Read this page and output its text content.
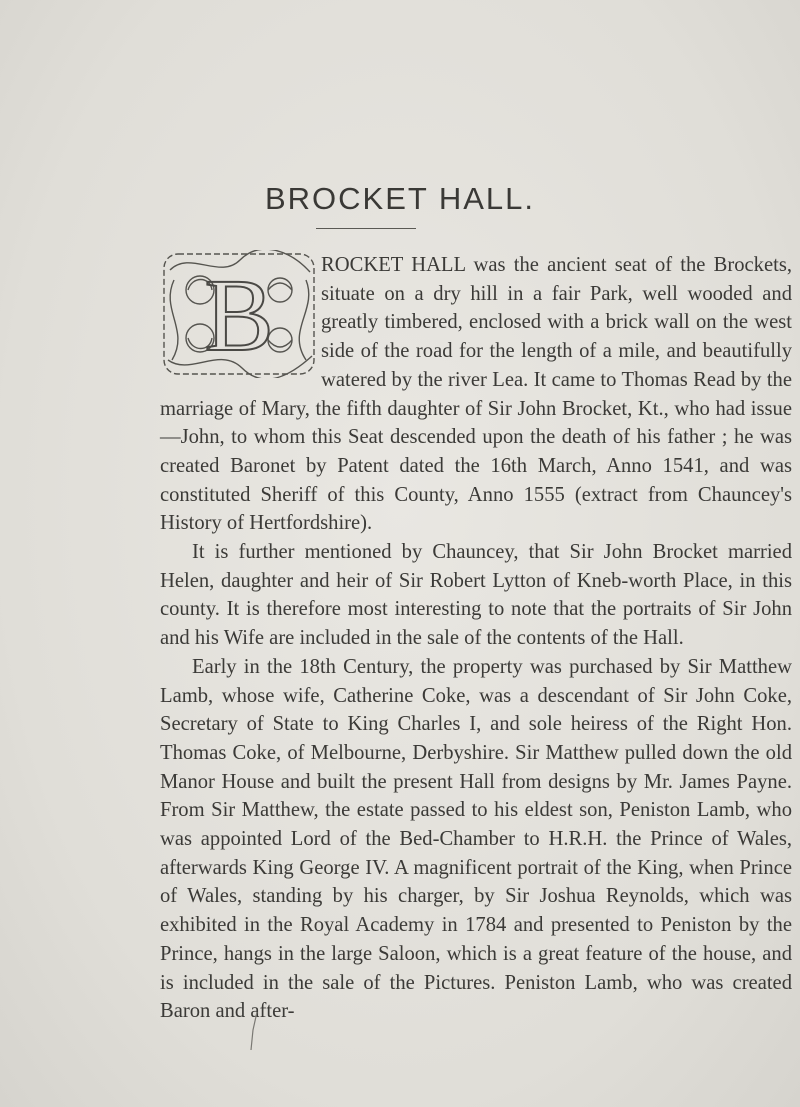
BROCKET HALL.
B	ROCKET HALL was the ancient seat of the Brockets, situate on a dry hill in a fair Park, well wooded and greatly timbered, enclosed with a brick wall on the west side of the road for the length of a mile, and beautifully watered by the river Lea. It came to Thomas Read by the marriage of Mary, the fifth daughter of Sir John Brocket, Kt., who had issue—John, to whom this Seat descended upon the death of his father ; he was created Baronet by Patent dated the 16th March, Anno 1541, and was constituted Sheriff of this County, Anno 1555 (extract from Chauncey's History of Hertfordshire).

It is further mentioned by Chauncey, that Sir John Brocket married Helen, daughter and heir of Sir Robert Lytton of Kneb-worth Place, in this county. It is therefore most interesting to note that the portraits of Sir John and his Wife are included in the sale of the contents of the Hall.

Early in the 18th Century, the property was purchased by Sir Matthew Lamb, whose wife, Catherine Coke, was a descendant of Sir John Coke, Secretary of State to King Charles I, and sole heiress of the Right Hon. Thomas Coke, of Melbourne, Derbyshire. Sir Matthew pulled down the old Manor House and built the present Hall from designs by Mr. James Payne. From Sir Matthew, the estate passed to his eldest son, Peniston Lamb, who was appointed Lord of the Bed-Chamber to H.R.H. the Prince of Wales, afterwards King George IV. A magnificent portrait of the King, when Prince of Wales, standing by his charger, by Sir Joshua Reynolds, which was exhibited in the Royal Academy in 1784 and presented to Peniston by the Prince, hangs in the large Saloon, which is a great feature of the house, and is included in the sale of the Pictures. Peniston Lamb, who was created Baron and after-
